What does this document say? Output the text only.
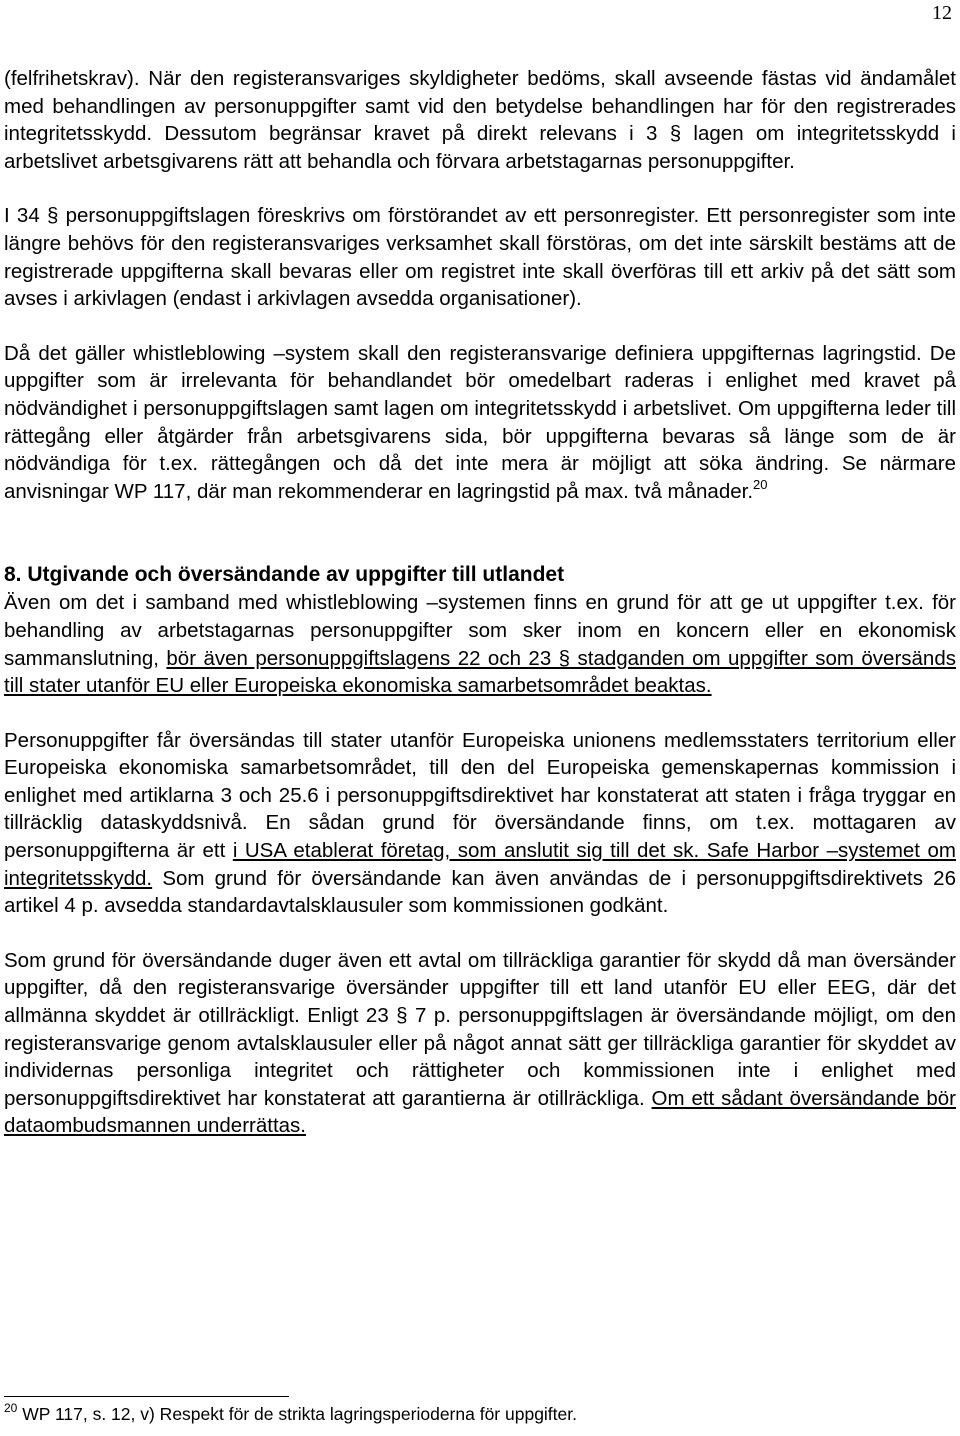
12

(felfrihetskrav). När den registeransvariges skyldigheter bedöms, skall avseende fästas vid ändamålet med behandlingen av personuppgifter samt vid den betydelse behandlingen har för den registrerades integritetsskydd. Dessutom begränsar kravet på direkt relevans i 3 § lagen om integritetsskydd i arbetslivet arbetsgivarens rätt att behandla och förvara arbetstagarnas personuppgifter.

I 34 § personuppgiftslagen föreskrivs om förstörandet av ett personregister. Ett personregister som inte längre behövs för den registeransvariges verksamhet skall förstöras, om det inte särskilt bestäms att de registrerade uppgifterna skall bevaras eller om registret inte skall överföras till ett arkiv på det sätt som avses i arkivlagen (endast i arkivlagen avsedda organisationer).

Då det gäller whistleblowing –system skall den registeransvarige definiera uppgifternas lagringstid. De uppgifter som är irrelevanta för behandlandet bör omedelbart raderas i enlighet med kravet på nödvändighet i personuppgiftslagen samt lagen om integritetsskydd i arbetslivet. Om uppgifterna leder till rättegång eller åtgärder från arbetsgivarens sida, bör uppgifterna bevaras så länge som de är nödvändiga för t.ex. rättegången och då det inte mera är möjligt att söka ändring. Se närmare anvisningar WP 117, där man rekommenderar en lagringstid på max. två månader.$^{20}$

8. Utgivande och översändande av uppgifter till utlandet

Även om det i samband med whistleblowing –systemen finns en grund för att ge ut uppgifter t.ex. för behandling av arbetstagarnas personuppgifter som sker inom en koncern eller en ekonomisk sammanslutning, bör även personuppgiftslagens 22 och 23 § stadganden om uppgifter som översänds till stater utanför EU eller Europeiska ekonomiska samarbetsområdet beaktas.

Personuppgifter får översändas till stater utanför Europeiska unionens medlemsstaters territorium eller Europeiska ekonomiska samarbetsområdet, till den del Europeiska gemenskapernas kommission i enlighet med artiklarna 3 och 25.6 i personuppgiftsdirektivet har konstaterat att staten i fråga tryggar en tillräcklig dataskyddsnivå. En sådan grund för översändande finns, om t.ex. mottagaren av personuppgifterna är ett i USA etablerat företag, som anslutit sig till det sk. Safe Harbor –systemet om integritetsskydd. Som grund för översändande kan även användas de i personuppgiftsdirektivets 26 artikel 4 p. avsedda standardavtalsklausuler som kommissionen godkänt.

Som grund för översändande duger även ett avtal om tillräckliga garantier för skydd då man översänder uppgifter, då den registeransvarige översänder uppgifter till ett land utanför EU eller EEG, där det allmänna skyddet är otillräckligt. Enligt 23 § 7 p. personuppgiftslagen är översändande möjligt, om den registeransvarige genom avtalsklausuler eller på något annat sätt ger tillräckliga garantier för skyddet av individernas personliga integritet och rättigheter och kommissionen inte i enlighet med personuppgiftsdirektivet har konstaterat att garantierna är otillräckliga. Om ett sådant översändande bör dataombudsmannen underrättas.

$^{20}$ WP 117, s. 12, v) Respekt för de strikta lagringsperioderna för uppgifter.
